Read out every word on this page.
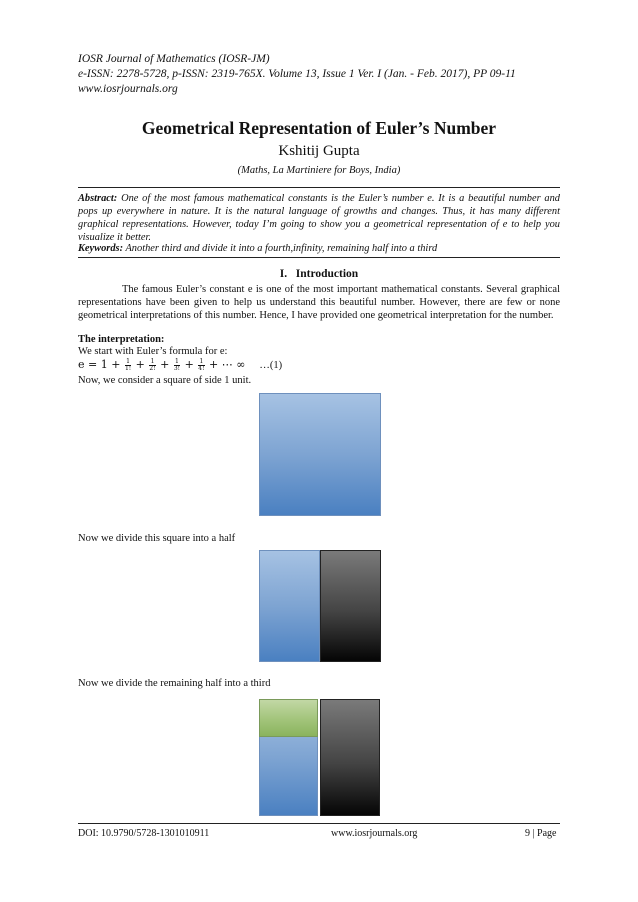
IOSR Journal of Mathematics (IOSR-JM)
e-ISSN: 2278-5728, p-ISSN: 2319-765X. Volume 13, Issue 1 Ver. I (Jan. - Feb. 2017), PP 09-11
www.iosrjournals.org
Geometrical Representation of Euler’s Number
Kshitij Gupta
(Maths, La Martiniere for Boys, India)
Abstract: One of the most famous mathematical constants is the Euler’s number e. It is a beautiful number and pops up everywhere in nature. It is the natural language of growths and changes. Thus, it has many different graphical representations. However, today I’m going to show you a geometrical representation of e to help you visualize it better.
Keywords: Another third and divide it into a fourth,infinity, remaining half into a third
I. Introduction
The famous Euler’s constant e is one of the most important mathematical constants. Several graphical representations have been given to help us understand this beautiful number. However, there are few or none geometrical interpretations of this number. Hence, I have provided one geometrical interpretation for the number.
The interpretation:
We start with Euler’s formula for e:
$e = 1 + \frac{1}{1!} + \frac{1}{2!} + \frac{1}{3!} + \frac{1}{4!}$ + ⋯ ∞ …(1)
Now, we consider a square of side 1 unit.
Now we divide this square into a half
Now we divide the remaining half into a third
DOI: 10.9790/5728-1301010911	www.iosrjournals.org	9 | Page
